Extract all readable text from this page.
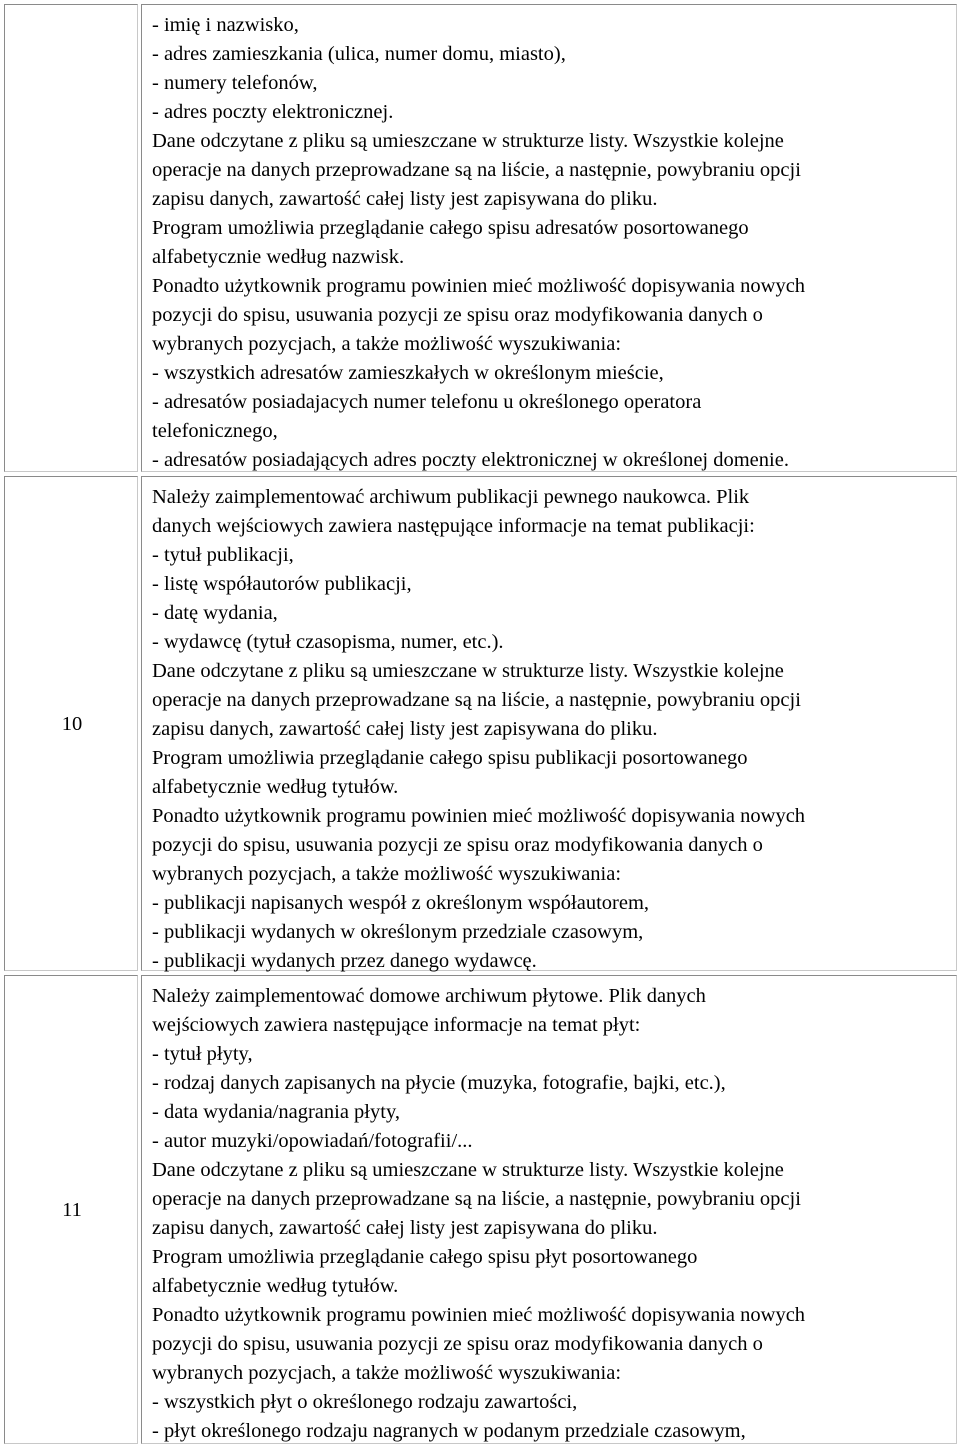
- imię i nazwisko,
- adres zamieszkania (ulica, numer domu, miasto),
- numery telefonów,
- adres poczty elektronicznej.
Dane odczytane z pliku są umieszczane w strukturze listy. Wszystkie kolejne
operacje na danych przeprowadzane są na liście, a następnie, powybraniu opcji
zapisu danych, zawartość całej listy jest zapisywana do pliku.
Program umożliwia przeglądanie całego spisu adresatów posortowanego
alfabetycznie według nazwisk.
Ponadto użytkownik programu powinien mieć możliwość dopisywania nowych
pozycji do spisu, usuwania pozycji ze spisu oraz modyfikowania danych o
wybranych pozycjach, a także możliwość wyszukiwania:
- wszystkich adresatów zamieszkałych w określonym mieście,
- adresatów posiadajacych numer telefonu u określonego operatora
telefonicznego,
- adresatów posiadających adres poczty elektronicznej w określonej domenie.
10
Należy zaimplementować archiwum publikacji pewnego naukowca. Plik
danych wejściowych zawiera następujące informacje na temat publikacji:
- tytuł publikacji,
- listę współautorów publikacji,
- datę wydania,
- wydawcę (tytuł czasopisma, numer, etc.).
Dane odczytane z pliku są umieszczane w strukturze listy. Wszystkie kolejne
operacje na danych przeprowadzane są na liście, a następnie, powybraniu opcji
zapisu danych, zawartość całej listy jest zapisywana do pliku.
Program umożliwia przeglądanie całego spisu publikacji posortowanego
alfabetycznie według tytułów.
Ponadto użytkownik programu powinien mieć możliwość dopisywania nowych
pozycji do spisu, usuwania pozycji ze spisu oraz modyfikowania danych o
wybranych pozycjach, a także możliwość wyszukiwania:
- publikacji napisanych wespół z określonym współautorem,
- publikacji wydanych w określonym przedziale czasowym,
- publikacji wydanych przez danego wydawcę.
11
Należy zaimplementować domowe archiwum płytowe. Plik danych
wejściowych zawiera następujące informacje na temat płyt:
- tytuł płyty,
- rodzaj danych zapisanych na płycie (muzyka, fotografie, bajki, etc.),
- data wydania/nagrania płyty,
- autor muzyki/opowiadań/fotografii/...
Dane odczytane z pliku są umieszczane w strukturze listy. Wszystkie kolejne
operacje na danych przeprowadzane są na liście, a następnie, powybraniu opcji
zapisu danych, zawartość całej listy jest zapisywana do pliku.
Program umożliwia przeglądanie całego spisu płyt posortowanego
alfabetycznie według tytułów.
Ponadto użytkownik programu powinien mieć możliwość dopisywania nowych
pozycji do spisu, usuwania pozycji ze spisu oraz modyfikowania danych o
wybranych pozycjach, a także możliwość wyszukiwania:
- wszystkich płyt o określonego rodzaju zawartości,
- płyt określonego rodzaju nagranych w podanym przedziale czasowym,
